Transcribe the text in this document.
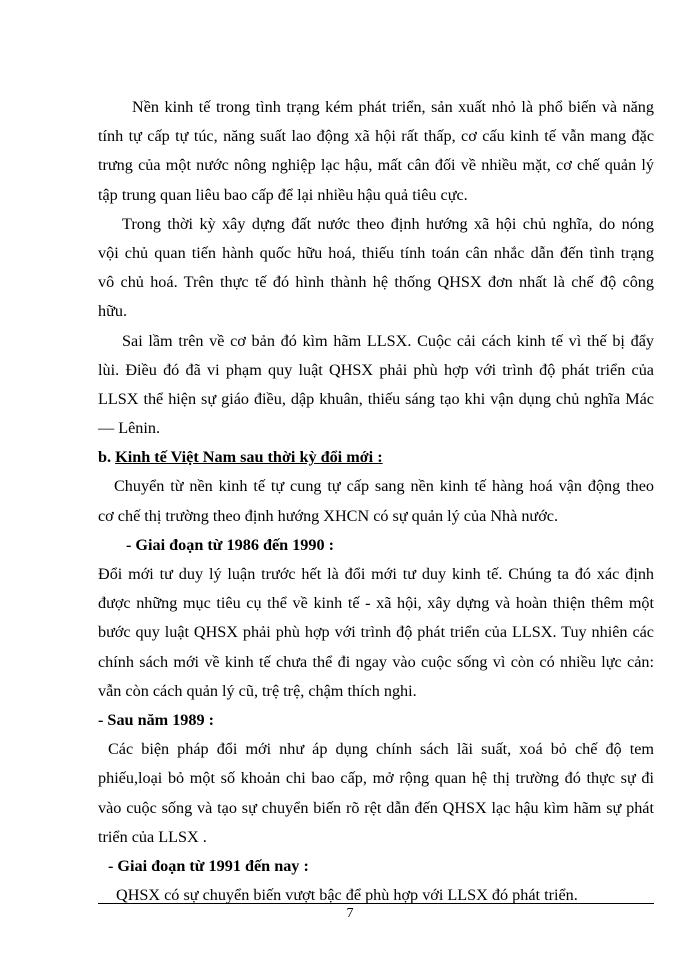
Nền kinh tế trong tình trạng kém phát triển, sản xuất nhỏ là phổ biến và năng
tính tự cấp tự túc, năng suất lao động xã hội rất thấp, cơ cấu kinh tế vẫn mang đặc
trưng của một nước nông nghiệp lạc hậu, mất cân đối về nhiều mặt, cơ chế quản lý
tập trung quan liêu bao cấp để lại nhiều hậu quả tiêu cực.
Trong thời kỳ xây dựng đất nước theo định hướng xã hội chủ nghĩa, do nóng
vội chủ quan tiến hành quốc hữu hoá, thiếu tính toán cân nhắc dẫn đến tình trạng
vô chủ hoá. Trên thực tế đó hình thành hệ thống QHSX đơn nhất là chế độ công
hữu.
Sai lầm trên về cơ bản đó kìm hãm LLSX. Cuộc cải cách kinh tế vì thế bị đẩy
lùi. Điều đó đã vi phạm quy luật QHSX phải phù hợp với trình độ phát triển của
LLSX thể hiện sự giáo điều, dập khuân, thiếu sáng tạo khi vận dụng chủ nghĩa Mác
— Lênin.
b. Kinh tế Việt Nam sau thời kỳ đổi mới :
Chuyển từ nền kinh tế tự cung tự cấp sang nền kinh tế hàng hoá vận động theo
cơ chế thị trường theo định hướng XHCN có sự quản lý của Nhà nước.
- Giai đoạn từ 1986 đến 1990 :
Đổi mới tư duy lý luận trước hết là đổi mới tư duy kinh tế. Chúng ta đó xác định
được những mục tiêu cụ thể về kinh tế - xã hội, xây dựng và hoàn thiện thêm một
bước quy luật QHSX phải phù hợp với trình độ phát triển của LLSX. Tuy nhiên các
chính sách mới về kinh tế chưa thể đi ngay vào cuộc sống vì còn có nhiều lực cản:
vẫn còn cách quản lý cũ, trệ trệ, chậm thích nghi.
- Sau năm 1989 :
Các biện pháp đổi mới như áp dụng chính sách lãi suất, xoá bỏ chế độ tem
phiếu,loại bỏ một số khoản chi bao cấp, mở rộng quan hệ thị trường đó thực sự đi
vào cuộc sống và tạo sự chuyển biến rõ rệt dẫn đến QHSX lạc hậu kìm hãm sự phát
triển của LLSX .
- Giai đoạn từ 1991 đến nay :
QHSX có sự chuyển biến vượt bậc để phù hợp với LLSX đó phát triển.
7
